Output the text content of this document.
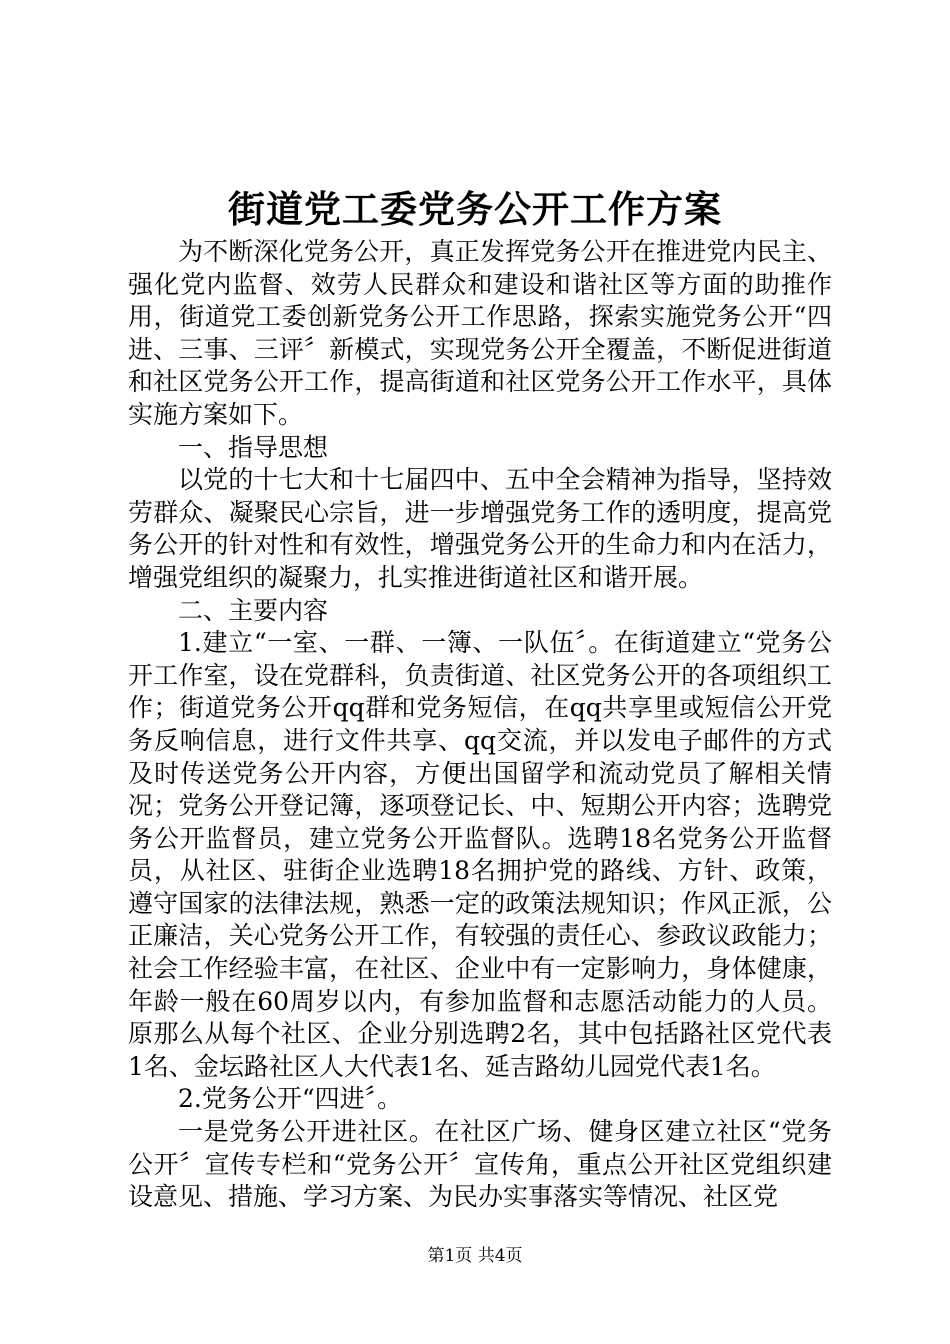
街道党工委党务公开工作方案

为不断深化党务公开，真正发挥党务公开在推进党内民主、强化党内监督、效劳人民群众和建设和谐社区等方面的助推作用，街道党工委创新党务公开工作思路，探索实施党务公开“四进、三事、三评〞新模式，实现党务公开全覆盖，不断促进街道和社区党务公开工作，提高街道和社区党务公开工作水平，具体实施方案如下。

一、指导思想

以党的十七大和十七届四中、五中全会精神为指导，坚持效劳群众、凝聚民心宗旨，进一步增强党务工作的透明度，提高党务公开的针对性和有效性，增强党务公开的生命力和内在活力，增强党组织的凝聚力，扎实推进街道社区和谐开展。

二、主要内容

1.建立“一室、一群、一簿、一队伍〞。在街道建立“党务公开工作室，设在党群科，负责街道、社区党务公开的各项组织工作；街道党务公开qq群和党务短信，在qq共享里或短信公开党务反响信息，进行文件共享、qq交流，并以发电子邮件的方式及时传送党务公开内容，方便出国留学和流动党员了解相关情况；党务公开登记簿，逐项登记长、中、短期公开内容；选聘党务公开监督员，建立党务公开监督队。选聘18名党务公开监督员，从社区、驻街企业选聘18名拥护党的路线、方针、政策，遵守国家的法律法规，熟悉一定的政策法规知识；作风正派，公正廉洁，关心党务公开工作，有较强的责任心、参政议政能力；社会工作经验丰富，在社区、企业中有一定影响力，身体健康，年龄一般在60周岁以内，有参加监督和志愿活动能力的人员。原那么从每个社区、企业分别选聘2名，其中包括路社区党代表1名、金坛路社区人大代表1名、延吉路幼儿园党代表1名。

2.党务公开“四进〞。

一是党务公开进社区。在社区广场、健身区建立社区“党务公开〞宣传专栏和“党务公开〞宣传角，重点公开社区党组织建设意见、措施、学习方案、为民办实事落实等情况、社区党

第1页 共4页
